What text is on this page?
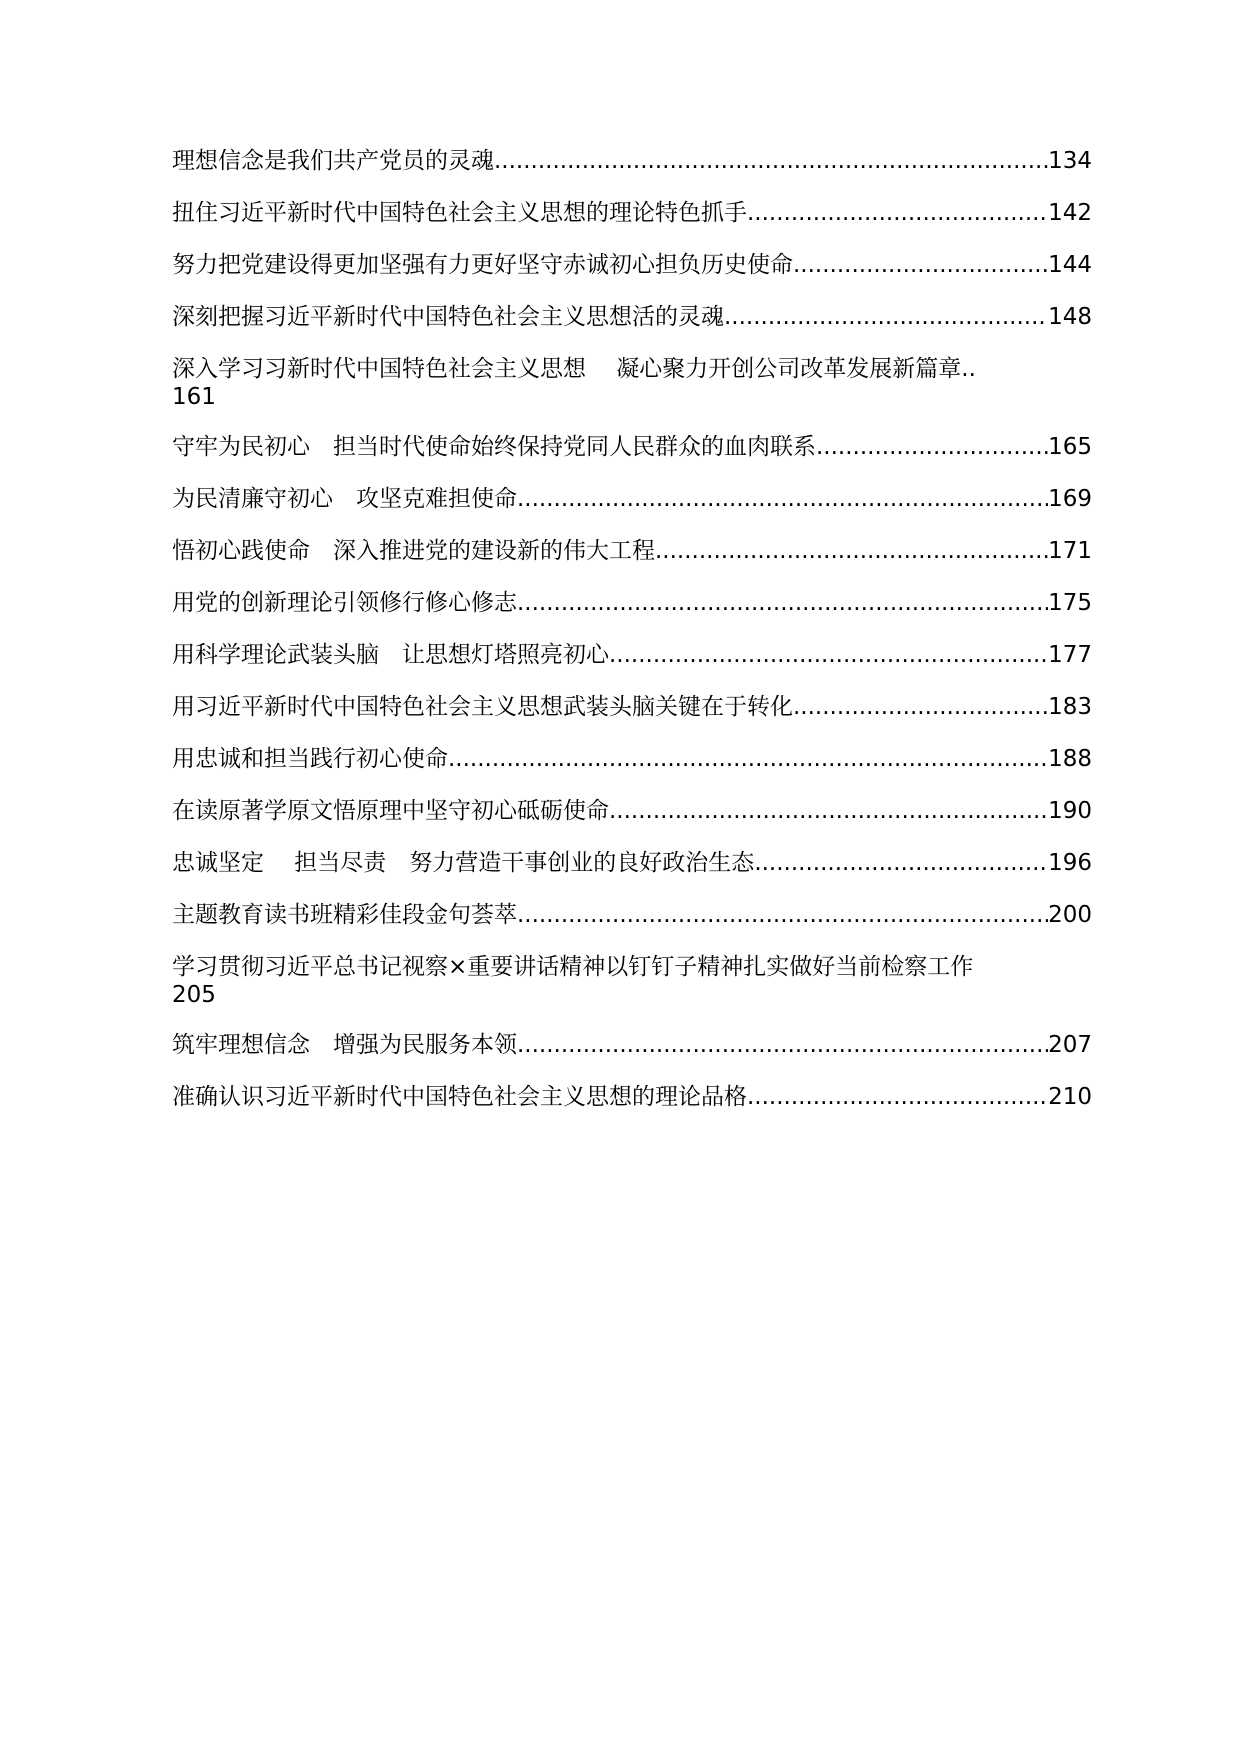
理想信念是我们共产党员的灵魂 .....	134
扭住习近平新时代中国特色社会主义思想的理论特色抓手 .....	142
努力把党建设得更加坚强有力更好坚守赤诚初心担负历史使命 .....	144
深刻把握习近平新时代中国特色社会主义思想活的灵魂 .....	148
深入学习习新时代中国特色社会主义思想　 凝心聚力开创公司改革发展新篇章..
161
守牢为民初心　担当时代使命始终保持党同人民群众的血肉联系 .....	165
为民清廉守初心　攻坚克难担使命 .....	169
悟初心践使命　深入推进党的建设新的伟大工程 .....	171
用党的创新理论引领修行修心修志 .....	175
用科学理论武装头脑　让思想灯塔照亮初心 .....	177
用习近平新时代中国特色社会主义思想武装头脑关键在于转化 .....	183
用忠诚和担当践行初心使命 .....	188
在读原著学原文悟原理中坚守初心砥砺使命 .....	190
忠诚坚定　 担当尽责　努力营造干事创业的良好政治生态 .....	196
主题教育读书班精彩佳段金句荟萃 .....	200
学习贯彻习近平总书记视察×重要讲话精神以钉钉子精神扎实做好当前检察工作
205
筑牢理想信念　增强为民服务本领 .....	207
准确认识习近平新时代中国特色社会主义思想的理论品格 .....	210
